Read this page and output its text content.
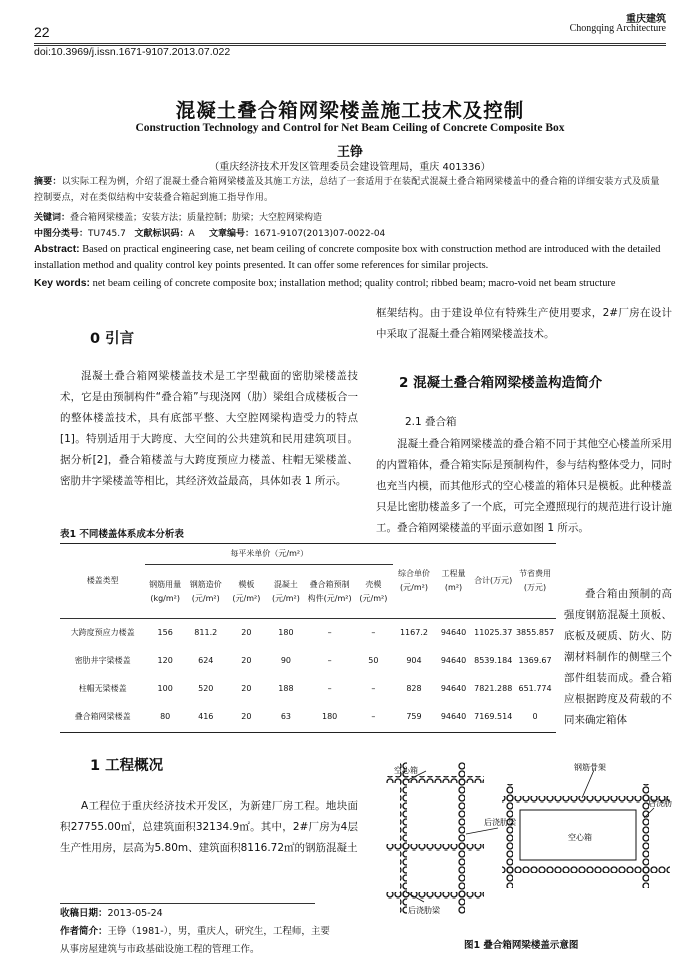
22
重庆建筑
Chongqing Architecture
doi:10.3969/j.issn.1671-9107.2013.07.022
混凝土叠合箱网梁楼盖施工技术及控制
Construction Technology and Control for Net Beam Ceiling of Concrete Composite Box
王铮
（重庆经济技术开发区管理委员会建设管理局，重庆 401336）
摘要：以实际工程为例，介绍了混凝土叠合箱网梁楼盖及其施工方法，总结了一套适用于在装配式混凝土叠合箱网梁楼盖中的叠合箱的详细安装方式及质量控制要点，对在类似结构中安装叠合箱起到施工指导作用。
关键词：叠合箱网梁楼盖；安装方法；质量控制；肋梁；大空腔网梁构造
中图分类号：TU745.7 文献标识码：A 文章编号：1671-9107(2013)07-0022-04
Abstract: Based on practical engineering case, net beam ceiling of concrete composite box with construction method are introduced with the detailed installation method and quality control key points presented. It can offer some references for similar projects.
Key words: net beam ceiling of concrete composite box; installation method; quality control; ribbed beam; macro-void net beam structure
0 引言
混凝土叠合箱网梁楼盖技术是工字型截面的密肋梁楼盖技术，它是由预制构件“叠合箱”与现浇网（肋）梁组合成楼板合一的整体楼盖技术，具有底部平整、大空腔网梁构造受力的特点[1]。特别适用于大跨度、大空间的公共建筑和民用建筑项目。据分析[2]，叠合箱楼盖与大跨度预应力楼盖、柱帽无梁楼盖、密肋井字梁楼盖等相比，其经济效益最高，具体如表 1 所示。
框架结构。由于建设单位有特殊生产使用要求，2#厂房在设计中采取了混凝土叠合箱网梁楼盖技术。
2 混凝土叠合箱网梁楼盖构造简介
2.1 叠合箱
混凝土叠合箱网梁楼盖的叠合箱不同于其他空心楼盖所采用的内置箱体，叠合箱实际是预制构件，参与结构整体受力，同时也充当内模，而其他形式的空心楼盖的箱体只是模板。此种楼盖只是比密肋楼盖多了一个底，可完全遵照现行的规范进行设计施工。叠合箱网梁楼盖的平面示意如图 1 所示。
叠合箱由预制的高强度钢筋混凝土顶板、底板及硬质、防火、防潮材料制作的侧壁三个部件组装而成。叠合箱应根据跨度及荷载的不同来确定箱体
表1 不同楼盖体系成本分析表
楼盖类型	每平米单价（元/m²）						综合单价(元/m²)	工程量(m²)	合计(万元)	节省费用(万元)
	钢筋用量(kg/m²)	钢筋造价(元/m²)	模板(元/m²)	混凝土(元/m²)	叠合箱预制构件(元/m²)	壳模(元/m²)				
大跨度预应力楼盖	156	811.2	20	180	–	–	1167.2	94640	11025.37	3855.857
密肋井字梁楼盖	120	624	20	90	–	50	904	94640	8539.184	1369.67
柱帽无梁楼盖	100	520	20	188	–	–	828	94640	7821.288	651.774
叠合箱网梁楼盖	80	416	20	63	180	–	759	94640	7169.514	0
1 工程概况
A工程位于重庆经济技术开发区，为新建厂房工程。地块面积27755.00㎡，总建筑面积32134.9㎡。其中，2#厂房为4层生产性用房，层高为5.80m、建筑面积8116.72㎡的钢筋混凝土
收稿日期：2013-05-24
作者简介：王铮（1981-），男，重庆人，研究生，工程师，主要从事房屋建筑与市政基础设施工程的管理工作。
空心箱	钢筋骨架
后浇肋梁
空心箱
后浇肋
后浇肋梁
图1 叠合箱网梁楼盖示意图
